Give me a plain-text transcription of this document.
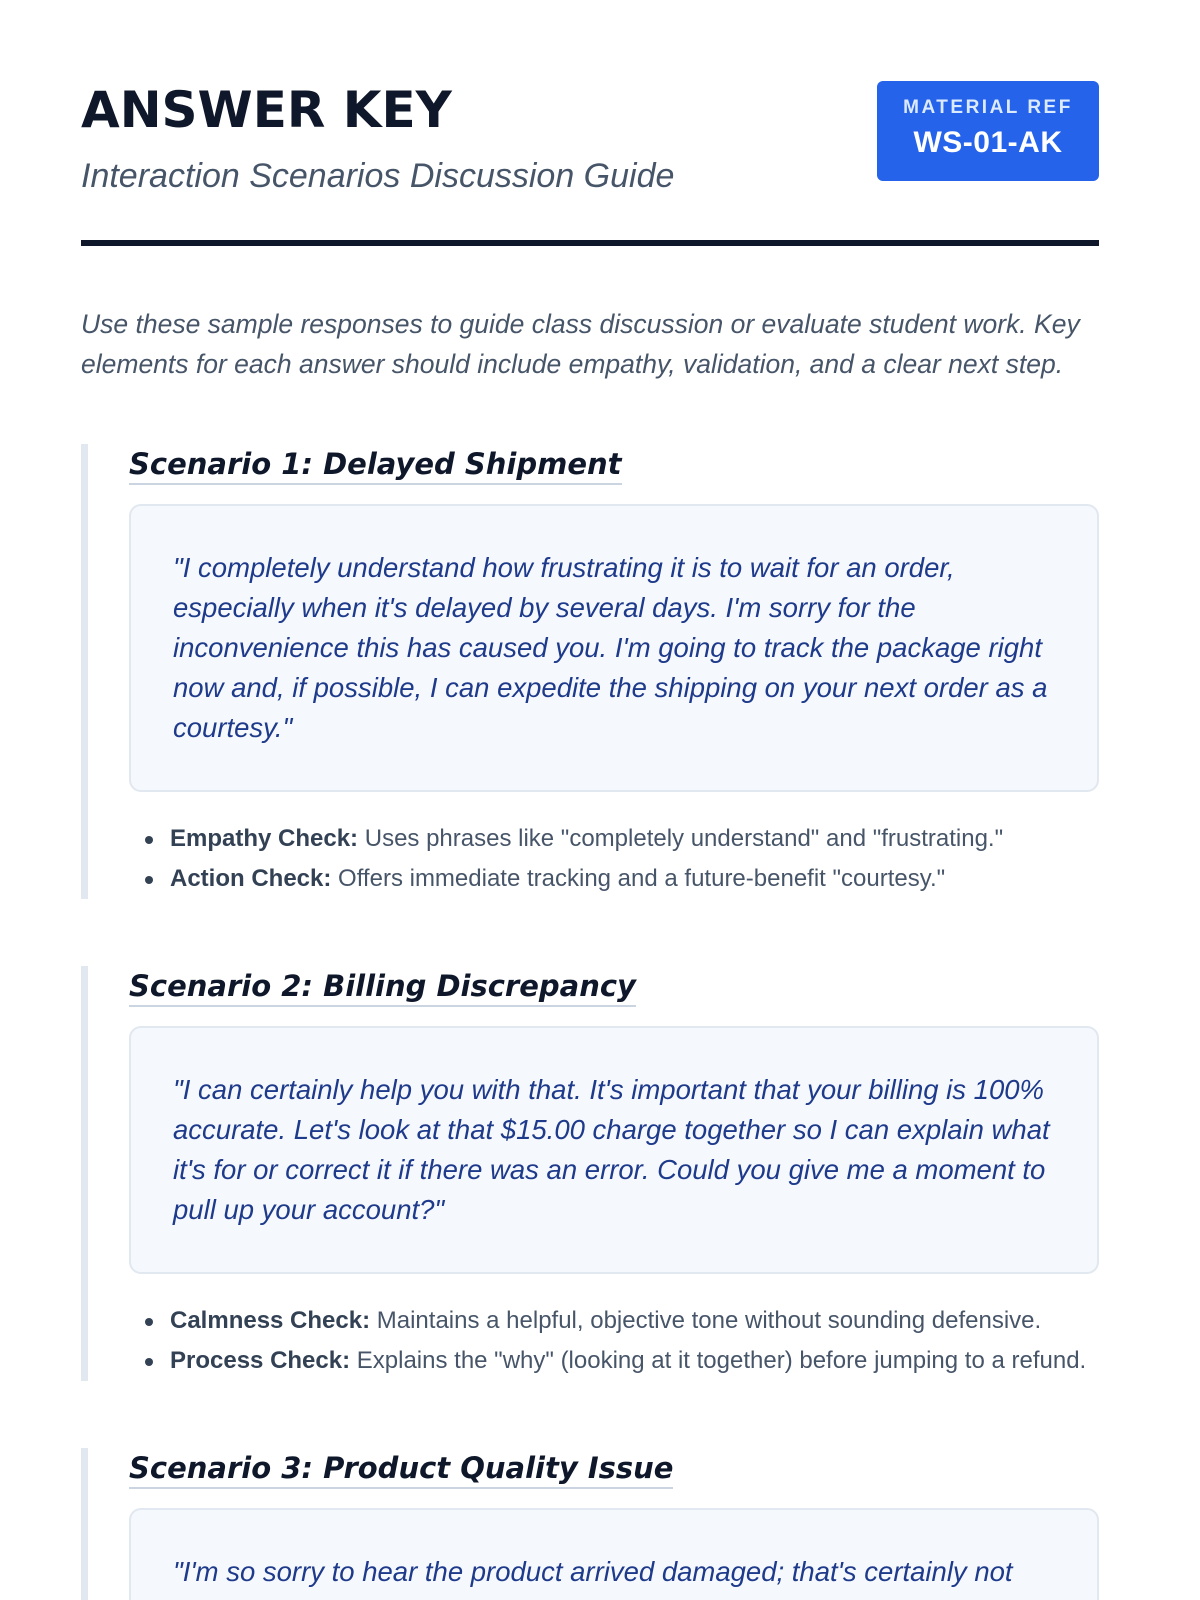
ANSWER KEY
Interaction Scenarios Discussion Guide
MATERIAL REF
WS-01-AK

Use these sample responses to guide class discussion or evaluate student work. Key elements for each answer should include empathy, validation, and a clear next step.

Scenario 1: Delayed Shipment

"I completely understand how frustrating it is to wait for an order, especially when it's delayed by several days. I'm sorry for the inconvenience this has caused you. I'm going to track the package right now and, if possible, I can expedite the shipping on your next order as a courtesy."

Empathy Check: Uses phrases like "completely understand" and "frustrating."
Action Check: Offers immediate tracking and a future-benefit "courtesy."
Scenario 2: Billing Discrepancy

"I can certainly help you with that. It's important that your billing is 100% accurate. Let's look at that $15.00 charge together so I can explain what it's for or correct it if there was an error. Could you give me a moment to pull up your account?"

Calmness Check: Maintains a helpful, objective tone without sounding defensive.
Process Check: Explains the "why" (looking at it together) before jumping to a refund.
Scenario 3: Product Quality Issue

"I'm so sorry to hear the product arrived damaged; that's certainly not
